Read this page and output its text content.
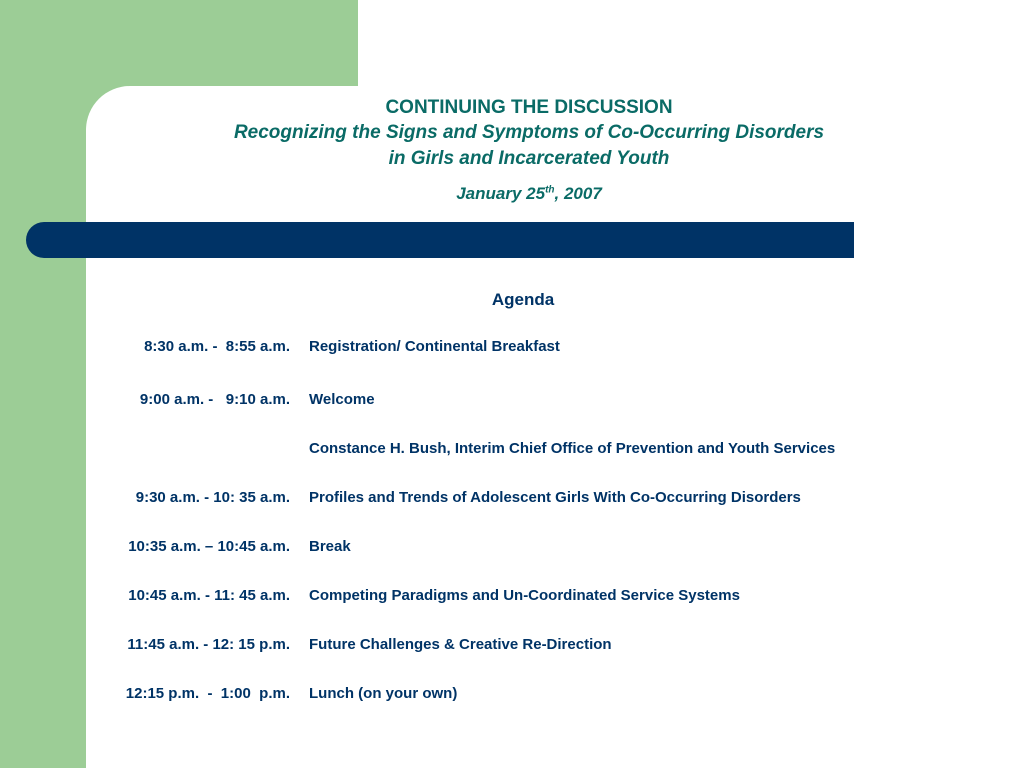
CONTINUING THE DISCUSSION
Recognizing the Signs and Symptoms of Co-Occurring Disorders
in Girls and Incarcerated Youth
January 25th, 2007
Agenda
8:30 a.m. -  8:55 a.m. Registration/ Continental Breakfast
9:00 a.m. -   9:10 a.m. Welcome
Constance H. Bush, Interim Chief Office of Prevention and Youth Services
9:30 a.m. - 10: 35 a.m. Profiles and Trends of Adolescent Girls With Co-Occurring Disorders
10:35 a.m. – 10:45 a.m. Break
10:45 a.m. - 11: 45 a.m. Competing Paradigms and Un-Coordinated Service Systems
11:45 a.m. - 12: 15 p.m. Future Challenges & Creative Re-Direction
12:15 p.m.  -  1:00  p.m. Lunch (on your own)
